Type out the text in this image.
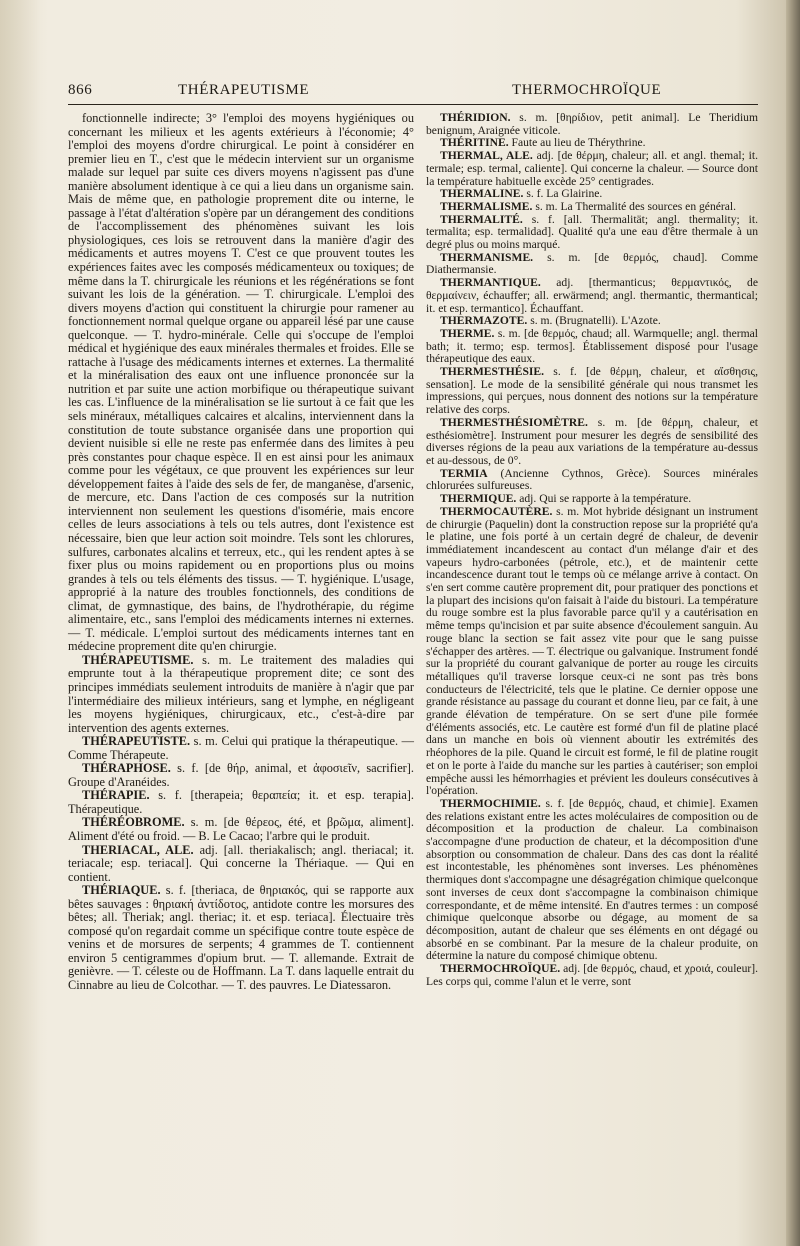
866	THÉRAPEUTISME	THERMOCHROÏQUE

fonctionnelle indirecte; 3° l'emploi des moyens hygiéniques ou concernant les milieux et les agents extérieurs à l'économie; 4° l'emploi des moyens d'ordre chirurgical. Le point à considérer en premier lieu en T., c'est que le médecin intervient sur un organisme malade sur lequel par suite ces divers moyens n'agissent pas d'une manière absolument identique à ce qui a lieu dans un organisme sain. Mais de même que, en pathologie proprement dite ou interne, le passage à l'état d'altération s'opère par un dérangement des conditions de l'accomplissement des phénomènes suivant les lois physiologiques, ces lois se retrouvent dans la manière d'agir des médicaments et autres moyens T. C'est ce que prouvent toutes les expériences faites avec les composés médicamenteux ou toxiques; de même dans la T. chirurgicale les réunions et les régénérations se font suivant les lois de la génération. — T. chirurgicale. L'emploi des divers moyens d'action qui constituent la chirurgie pour ramener au fonctionnement normal quelque organe ou appareil lésé par une cause quelconque. — T. hydro-minérale. Celle qui s'occupe de l'emploi médical et hygiénique des eaux minérales thermales et froides. Elle se rattache à l'usage des médicaments internes et externes. La thermalité et la minéralisation des eaux ont une influence prononcée sur la nutrition et par suite une action morbifique ou thérapeutique suivant les cas. L'influence de la minéralisation se lie surtout à ce fait que les sels minéraux, métalliques calcaires et alcalins, interviennent dans la constitution de toute substance organisée dans une proportion qui devient nuisible si elle ne reste pas enfermée dans des limites à peu près constantes pour chaque espèce. Il en est ainsi pour les animaux comme pour les végétaux, ce que prouvent les expériences sur leur développement faites à l'aide des sels de fer, de manganèse, d'arsenic, de mercure, etc. Dans l'action de ces composés sur la nutrition interviennent non seulement les questions d'isomérie, mais encore celles de leurs associations à tels ou tels autres, dont l'existence est nécessaire, bien que leur action soit moindre. Tels sont les chlorures, sulfures, carbonates alcalins et terreux, etc., qui les rendent aptes à se fixer plus ou moins rapidement ou en proportions plus ou moins grandes à tels ou tels éléments des tissus. — T. hygiénique. L'usage, approprié à la nature des troubles fonctionnels, des conditions de climat, de gymnastique, des bains, de l'hydrothérapie, du régime alimentaire, etc., sans l'emploi des médicaments internes ni externes. — T. médicale. L'emploi surtout des médicaments internes tant en médecine proprement dite qu'en chirurgie.

THÉRAPEUTISME. s. m. Le traitement des maladies qui emprunte tout à la thérapeutique proprement dite; ce sont des principes immédiats seulement introduits de manière à n'agir que par l'intermédiaire des milieux intérieurs, sang et lymphe, en négligeant les moyens hygiéniques, chirurgicaux, etc., c'est-à-dire par intervention des agents externes.

THÉRAPEUTISTE. s. m. Celui qui pratique la thérapeutique. — Comme Thérapeute.

THÉRAPHOSE. s. f. [de θήρ, animal, et ἀφοσιεῖν, sacrifier]. Groupe d'Aranéides.

THÉRAPIE. s. f. [therapeia; θεραπεία; it. et esp. terapia]. Thérapeutique.

THÉRÉOBROME. s. m. [de θέρεος, été, et βρῶμα, aliment]. Aliment d'été ou froid. — B. Le Cacao; l'arbre qui le produit.

THERIACAL, ALE. adj. [all. theriakalisch; angl. theriacal; it. teriacale; esp. teriacal]. Qui concerne la Thériaque. — Qui en contient.

THÉRIAQUE. s. f. [theriaca, de θηριακός, qui se rapporte aux bêtes sauvages : θηριακή ἀντίδοτος, antidote contre les morsures des bêtes; all. Theriak; angl. theriac; it. et esp. teriaca]. Électuaire très composé qu'on regardait comme un spécifique contre toute espèce de venins et de morsures de serpents; 4 grammes de T. contiennent environ 5 centigrammes d'opium brut. — T. allemande. Extrait de genièvre. — T. céleste ou de Hoffmann. La T. dans laquelle entrait du Cinnabre au lieu de Colcothar. — T. des pauvres. Le Diatessaron.

THÉRIDION. s. m. [θηρίδιον, petit animal]. Le Theridium benignum, Araignée viticole.

THÉRITINE. Faute au lieu de Thérythrine.

THERMAL, ALE. adj. [de θέρμη, chaleur; all. et angl. themal; it. termale; esp. termal, caliente]. Qui concerne la chaleur. — Source dont la température habituelle excède 25° centigrades.

THERMALINE. s. f. La Glairine.

THERMALISME. s. m. La Thermalité des sources en général.

THERMALITÉ. s. f. [all. Thermalität; angl. thermality; it. termalita; esp. termalidad]. Qualité qu'a une eau d'être thermale à un degré plus ou moins marqué.

THERMANISME. s. m. [de θερμός, chaud]. Comme Diathermansie.

THERMANTIQUE. adj. [thermanticus; θερμαντικός, de θερμαίνειν, échauffer; all. erwärmend; angl. thermantic, thermantical; it. et esp. termantico]. Échauffant.

THERMAZOTE. s. m. (Brugnatelli). L'Azote.

THERME. s. m. [de θερμός, chaud; all. Warmquelle; angl. thermal bath; it. termo; esp. termos]. Établissement disposé pour l'usage thérapeutique des eaux.

THERMESTHÉSIE. s. f. [de θέρμη, chaleur, et αἴσθησις, sensation]. Le mode de la sensibilité générale qui nous transmet les impressions, qui perçues, nous donnent des notions sur la température relative des corps.

THERMESTHÉSIOMÈTRE. s. m. [de θέρμη, chaleur, et esthésiomètre]. Instrument pour mesurer les degrés de sensibilité des diverses régions de la peau aux variations de la température au-dessus et au-dessous, de 0°.

TERMIA (Ancienne Cythnos, Grèce). Sources minérales chlorurées sulfureuses.

THERMIQUE. adj. Qui se rapporte à la température.

THERMOCAUTÈRE. s. m. Mot hybride désignant un instrument de chirurgie (Paquelin) dont la construction repose sur la propriété qu'a le platine, une fois porté à un certain degré de chaleur, de devenir immédiatement incandescent au contact d'un mélange d'air et des vapeurs hydro-carbonées (pétrole, etc.), et de maintenir cette incandescence durant tout le temps où ce mélange arrive à contact. On s'en sert comme cautère proprement dit, pour pratiquer des ponctions et la plupart des incisions qu'on faisait à l'aide du bistouri. La température du rouge sombre est la plus favorable parce qu'il y a cautérisation en même temps qu'incision et par suite absence d'écoulement sanguin. Au rouge blanc la section se fait assez vite pour que le sang puisse s'échapper des artères. — T. électrique ou galvanique. Instrument fondé sur la propriété du courant galvanique de porter au rouge les circuits métalliques qu'il traverse lorsque ceux-ci ne sont pas très bons conducteurs de l'électricité, tels que le platine. Ce dernier oppose une grande résistance au passage du courant et donne lieu, par ce fait, à une grande élévation de température. On se sert d'une pile formée d'éléments associés, etc. Le cautère est formé d'un fil de platine placé dans un manche en bois où viennent aboutir les extrémités des rhéophores de la pile. Quand le circuit est formé, le fil de platine rougit et on le porte à l'aide du manche sur les parties à cautériser; son emploi empêche aussi les hémorrhagies et prévient les douleurs consécutives à l'opération.

THERMOCHIMIE. s. f. [de θερμός, chaud, et chimie]. Examen des relations existant entre les actes moléculaires de composition ou de décomposition et la production de chaleur. La combinaison s'accompagne d'une production de chateur, et la décomposition d'une absorption ou consommation de chaleur. Dans des cas dont la réalité est incontestable, les phénomènes sont inverses. Les phénomènes thermiques dont s'accompagne une désagrégation chimique quelconque sont inverses de ceux dont s'accompagne la combinaison chimique correspondante, et de même intensité. En d'autres termes : un composé chimique quelconque absorbe ou dégage, au moment de sa décomposition, autant de chaleur que ses éléments en ont dégagé ou absorbé en se combinant. Par la mesure de la chaleur produite, on détermine la nature du composé chimique obtenu.

THERMOCHROÏQUE. adj. [de θερμός, chaud, et χροιά, couleur]. Les corps qui, comme l'alun et le verre, sont
